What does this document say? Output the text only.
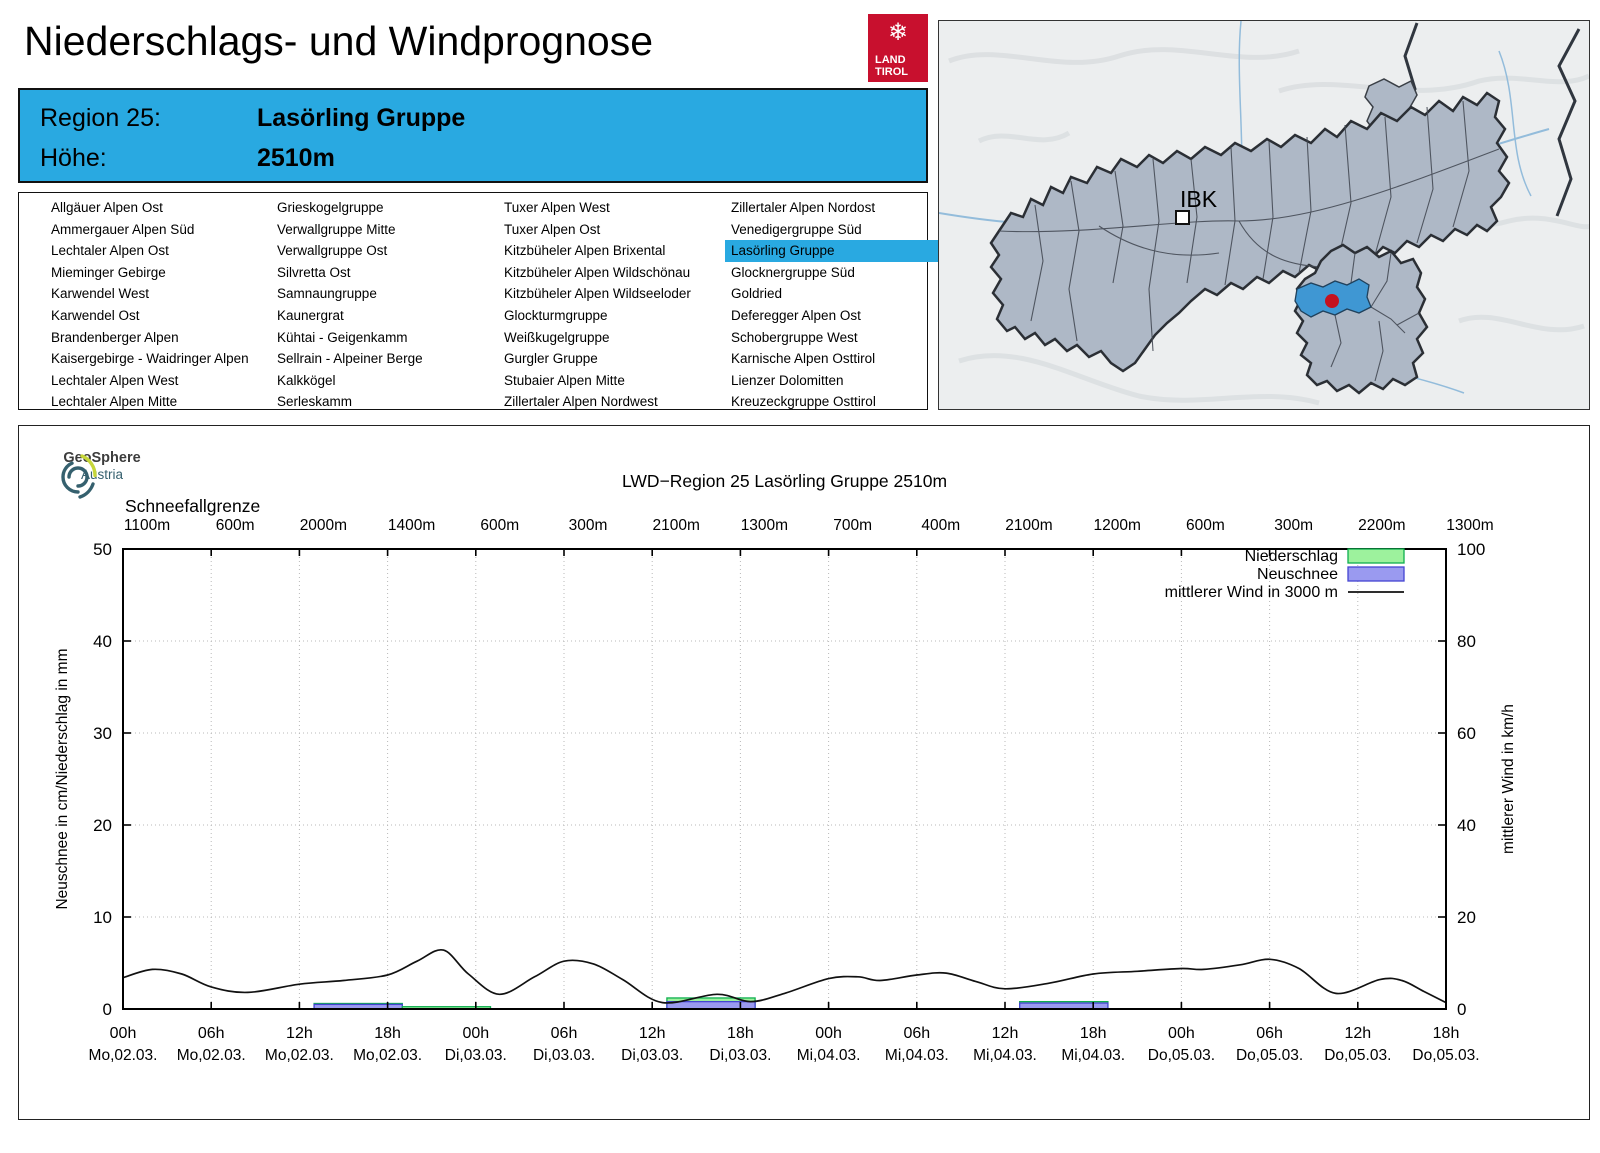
Niederschlags- und Windprognose	❄
LAND
TIROL
Region 25:	Lasörling Gruppe
Höhe:	2510m
Allgäuer Alpen Ost
Ammergauer Alpen Süd
Lechtaler Alpen Ost
Mieminger Gebirge
Karwendel West
Karwendel Ost
Brandenberger Alpen
Kaisergebirge - Waidringer Alpen
Lechtaler Alpen West
Lechtaler Alpen Mitte
Grieskogelgruppe
Verwallgruppe Mitte
Verwallgruppe Ost
Silvretta Ost
Samnaungruppe
Kaunergrat
Kühtai - Geigenkamm
Sellrain - Alpeiner Berge
Kalkkögel
Serleskamm
Tuxer Alpen West
Tuxer Alpen Ost
Kitzbüheler Alpen Brixental
Kitzbüheler Alpen Wildschönau
Kitzbüheler Alpen Wildseeloder
Glockturmgruppe
Weißkugelgruppe
Gurgler Gruppe
Stubaier Alpen Mitte
Zillertaler Alpen Nordwest
Zillertaler Alpen Nordost
Venedigergruppe Süd
Lasörling Gruppe
Glocknergruppe Süd
Goldried
Deferegger Alpen Ost
Schobergruppe West
Karnische Alpen Osttirol
Lienzer Dolomitten
Kreuzeckgruppe Osttirol
IBK
GeoSphere
Austria	LWD−Region 25 Lasörling Gruppe 2510m
Schneefallgrenze
1100m	600m	2000m	1400m	600m	300m	2100m	1300m	700m	400m	2100m	1200m	600m	300m	2200m	1300m
00h	06h	12h	18h	00h	06h	12h	18h	00h	06h	12h	18h	00h	06h	12h	18h
Mo,02.03. Mo,02.03. Mo,02.03. Mo,02.03. Di,03.03. Di,03.03. Di,03.03. Di,03.03. Mi,04.03. Mi,04.03. Mi,04.03. Mi,04.03. Do,05.03. Do,05.03. Do,05.03. Do,05.03.
0
10
20
30
40
50
0
20
40
60
80
100
Neuschnee in cm/Niederschlag in mm	mittlerer Wind in km/h
Niederschlag
Neuschnee
mittlerer Wind in 3000 m
